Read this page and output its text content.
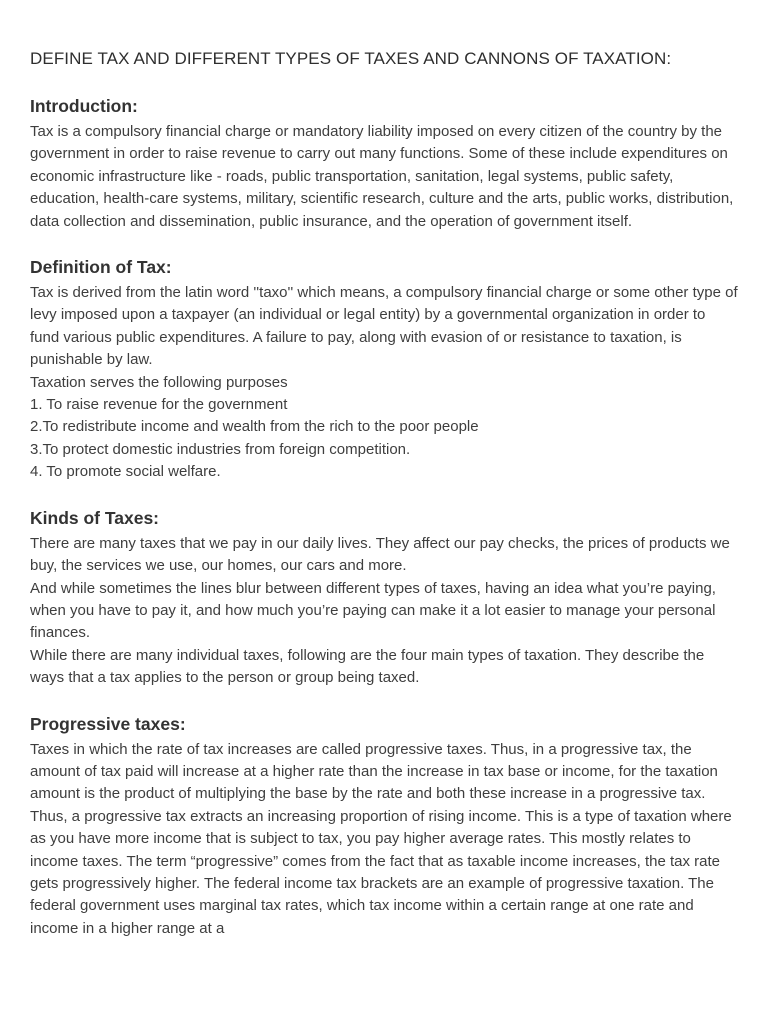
DEFINE TAX AND DIFFERENT TYPES OF TAXES AND CANNONS OF TAXATION:
Introduction:

Tax is a compulsory financial charge or mandatory liability imposed on every citizen of the country by the government in order to raise revenue to carry out many functions. Some of these include expenditures on economic infrastructure like - roads, public transportation, sanitation, legal systems, public safety, education, health-care systems, military, scientific research, culture and the arts, public works, distribution, data collection and dissemination, public insurance, and the operation of government itself.

Definition of Tax:

Tax is derived from the latin word ''taxo'' which means, a compulsory financial charge or some other type of levy imposed upon a taxpayer (an individual or legal entity) by a governmental organization in order to fund various public expenditures. A failure to pay, along with evasion of or resistance to taxation, is punishable by law.

Taxation serves the following purposes

1. To raise revenue for the government

2.To redistribute income and wealth from the rich to the poor people

3.To protect domestic industries from foreign competition.

4. To promote social welfare.

Kinds of Taxes:

There are many taxes that we pay in our daily lives. They affect our pay checks, the prices of products we buy, the services we use, our homes, our cars and more.

And while sometimes the lines blur between different types of taxes, having an idea what you’re paying, when you have to pay it, and how much you’re paying can make it a lot easier to manage your personal finances.

While there are many individual taxes, following are the four main types of taxation. They describe the ways that a tax applies to the person or group being taxed.

Progressive taxes:

Taxes in which the rate of tax increases are called progressive taxes. Thus, in a progressive tax, the amount of tax paid will increase at a higher rate than the increase in tax base or income, for the taxation amount is the product of multiplying the base by the rate and both these increase in a progressive tax. Thus, a progressive tax extracts an increasing proportion of rising income. This is a type of taxation where as you have more income that is subject to tax, you pay higher average rates. This mostly relates to income taxes. The term “progressive” comes from the fact that as taxable income increases, the tax rate gets progressively higher. The federal income tax brackets are an example of progressive taxation. The federal government uses marginal tax rates, which tax income within a certain range at one rate and income in a higher range at a
